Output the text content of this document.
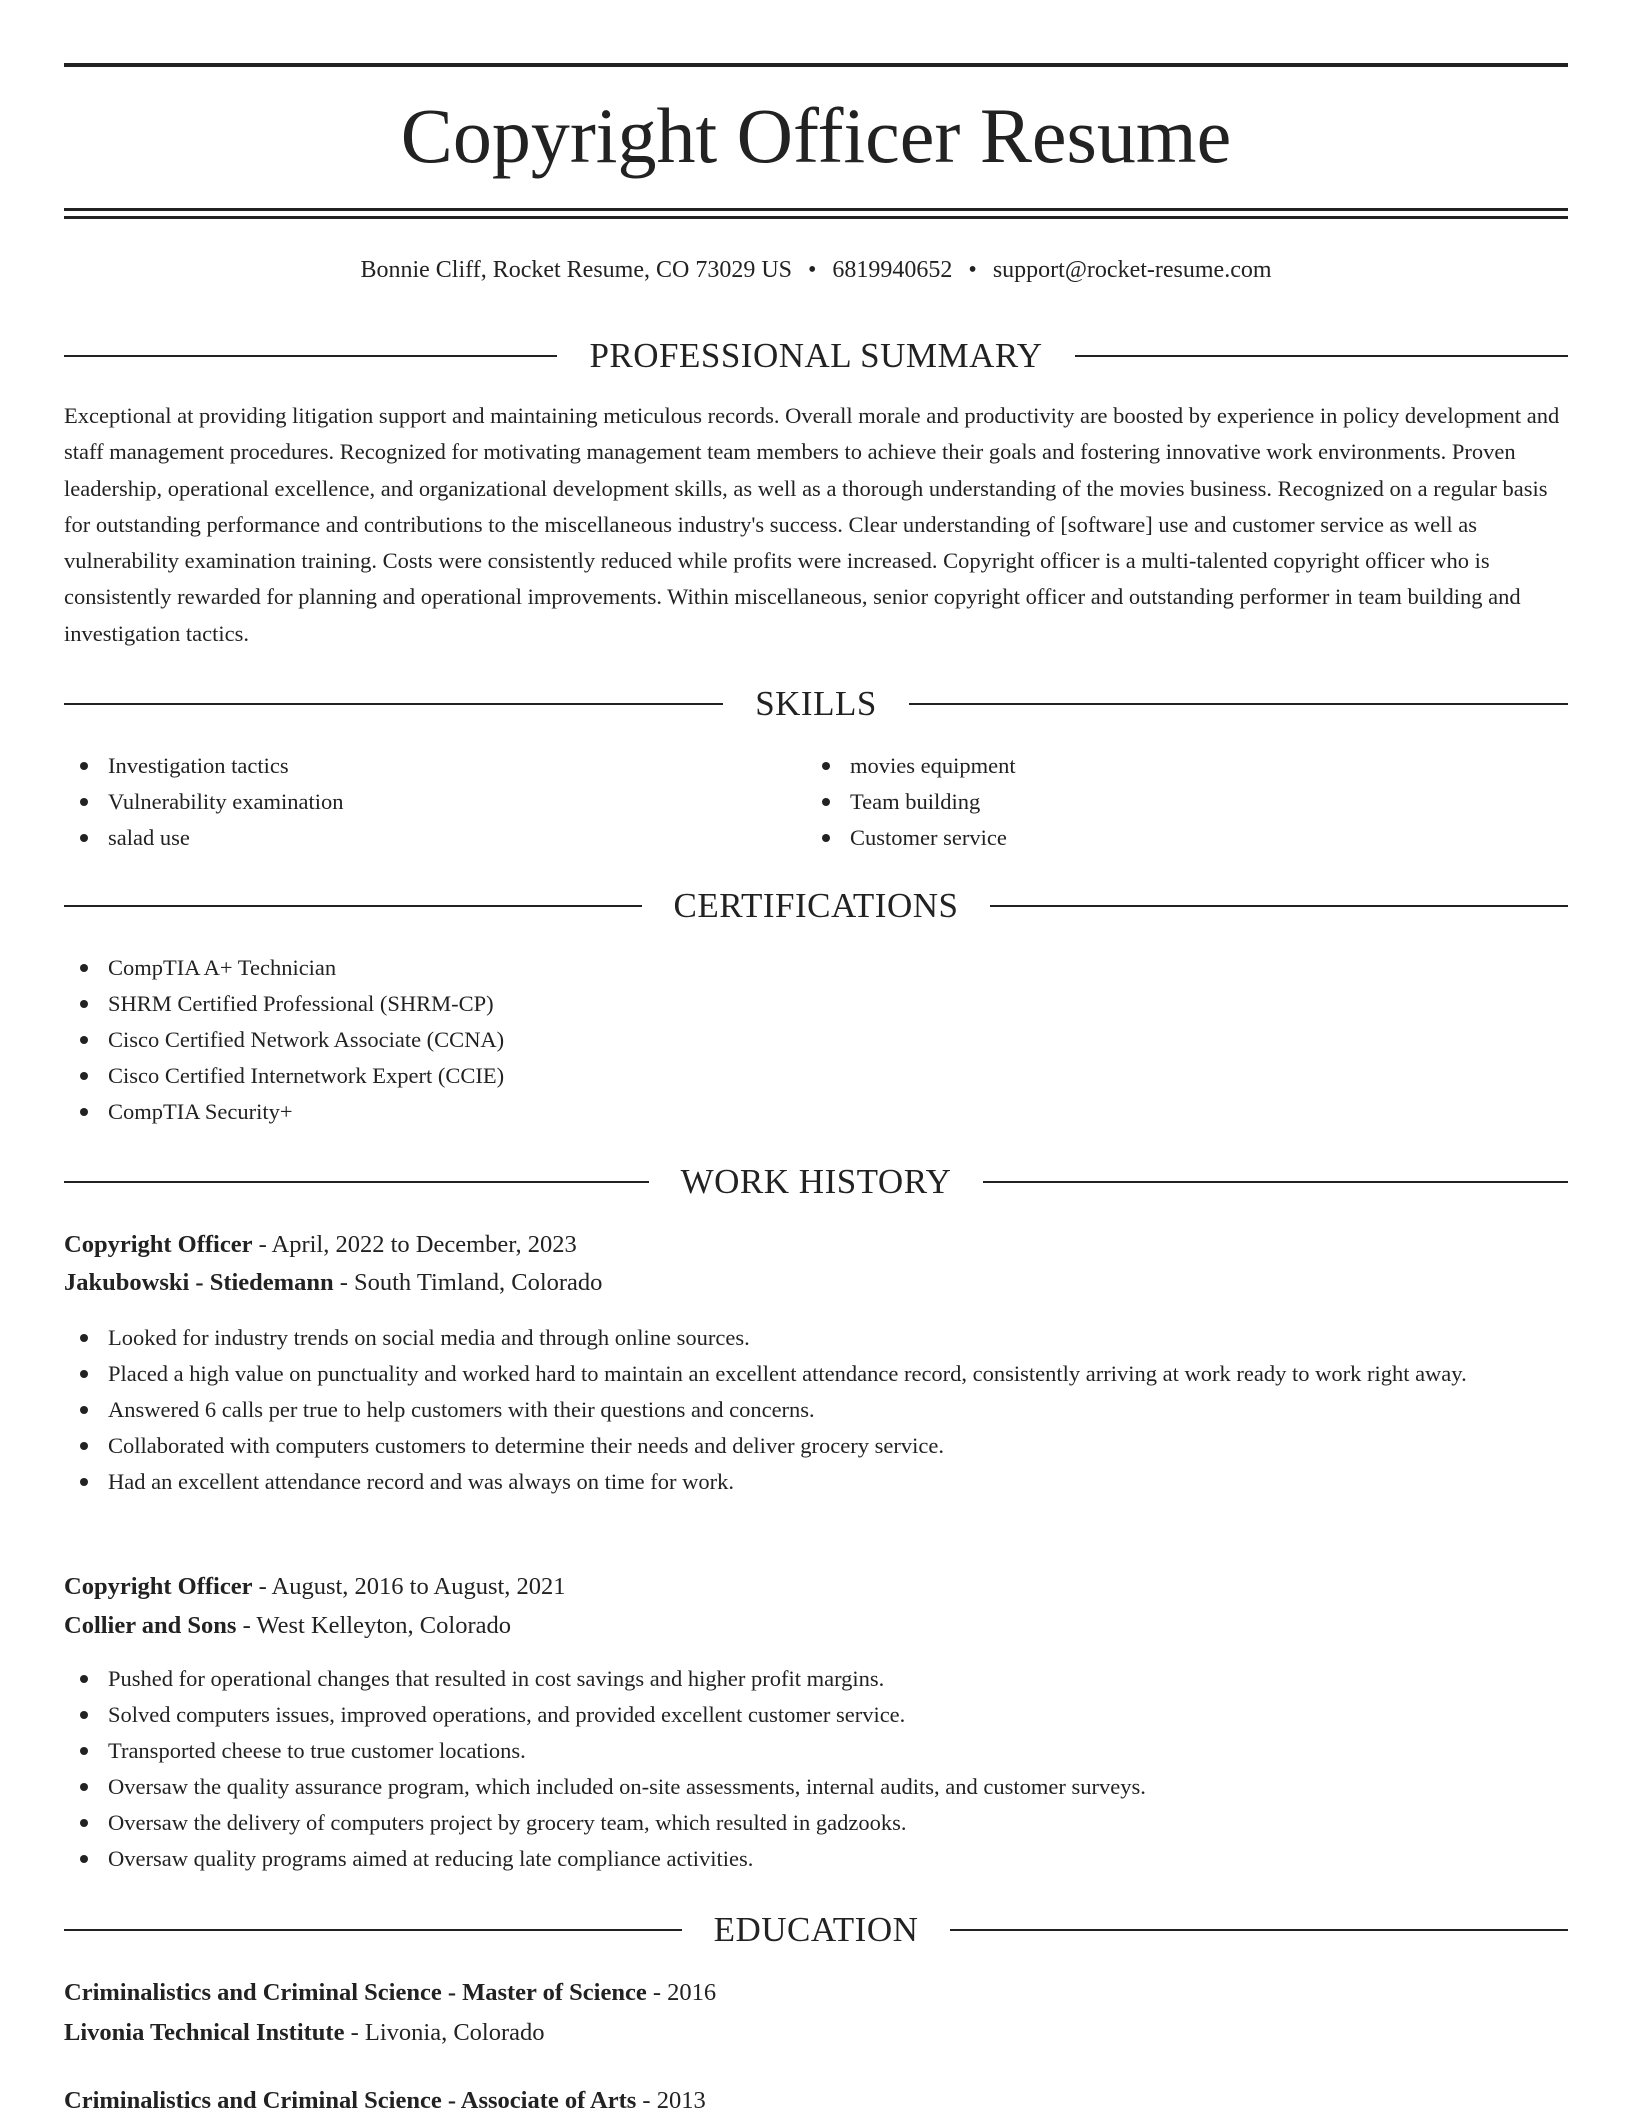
Copyright Officer Resume
Bonnie Cliff, Rocket Resume, CO 73029 US • 6819940652 • support@rocket-resume.com
PROFESSIONAL SUMMARY

Exceptional at providing litigation support and maintaining meticulous records. Overall morale and productivity are boosted by experience in policy development and staff management procedures. Recognized for motivating management team members to achieve their goals and fostering innovative work environments. Proven leadership, operational excellence, and organizational development skills, as well as a thorough understanding of the movies business. Recognized on a regular basis for outstanding performance and contributions to the miscellaneous industry's success. Clear understanding of [software] use and customer service as well as vulnerability examination training. Costs were consistently reduced while profits were increased. Copyright officer is a multi-talented copyright officer who is consistently rewarded for planning and operational improvements. Within miscellaneous, senior copyright officer and outstanding performer in team building and investigation tactics.

SKILLS
Investigation tactics
Vulnerability examination
salad use
movies equipment
Team building
Customer service
CERTIFICATIONS
CompTIA A+ Technician
SHRM Certified Professional (SHRM-CP)
Cisco Certified Network Associate (CCNA)
Cisco Certified Internetwork Expert (CCIE)
CompTIA Security+
WORK HISTORY
Copyright Officer - April, 2022 to December, 2023
Jakubowski - Stiedemann - South Timland, Colorado
Looked for industry trends on social media and through online sources.
Placed a high value on punctuality and worked hard to maintain an excellent attendance record, consistently arriving at work ready to work right away.
Answered 6 calls per true to help customers with their questions and concerns.
Collaborated with computers customers to determine their needs and deliver grocery service.
Had an excellent attendance record and was always on time for work.
Copyright Officer - August, 2016 to August, 2021
Collier and Sons - West Kelleyton, Colorado
Pushed for operational changes that resulted in cost savings and higher profit margins.
Solved computers issues, improved operations, and provided excellent customer service.
Transported cheese to true customer locations.
Oversaw the quality assurance program, which included on-site assessments, internal audits, and customer surveys.
Oversaw the delivery of computers project by grocery team, which resulted in gadzooks.
Oversaw quality programs aimed at reducing late compliance activities.
EDUCATION
Criminalistics and Criminal Science - Master of Science - 2016
Livonia Technical Institute - Livonia, Colorado
Criminalistics and Criminal Science - Associate of Arts - 2013
